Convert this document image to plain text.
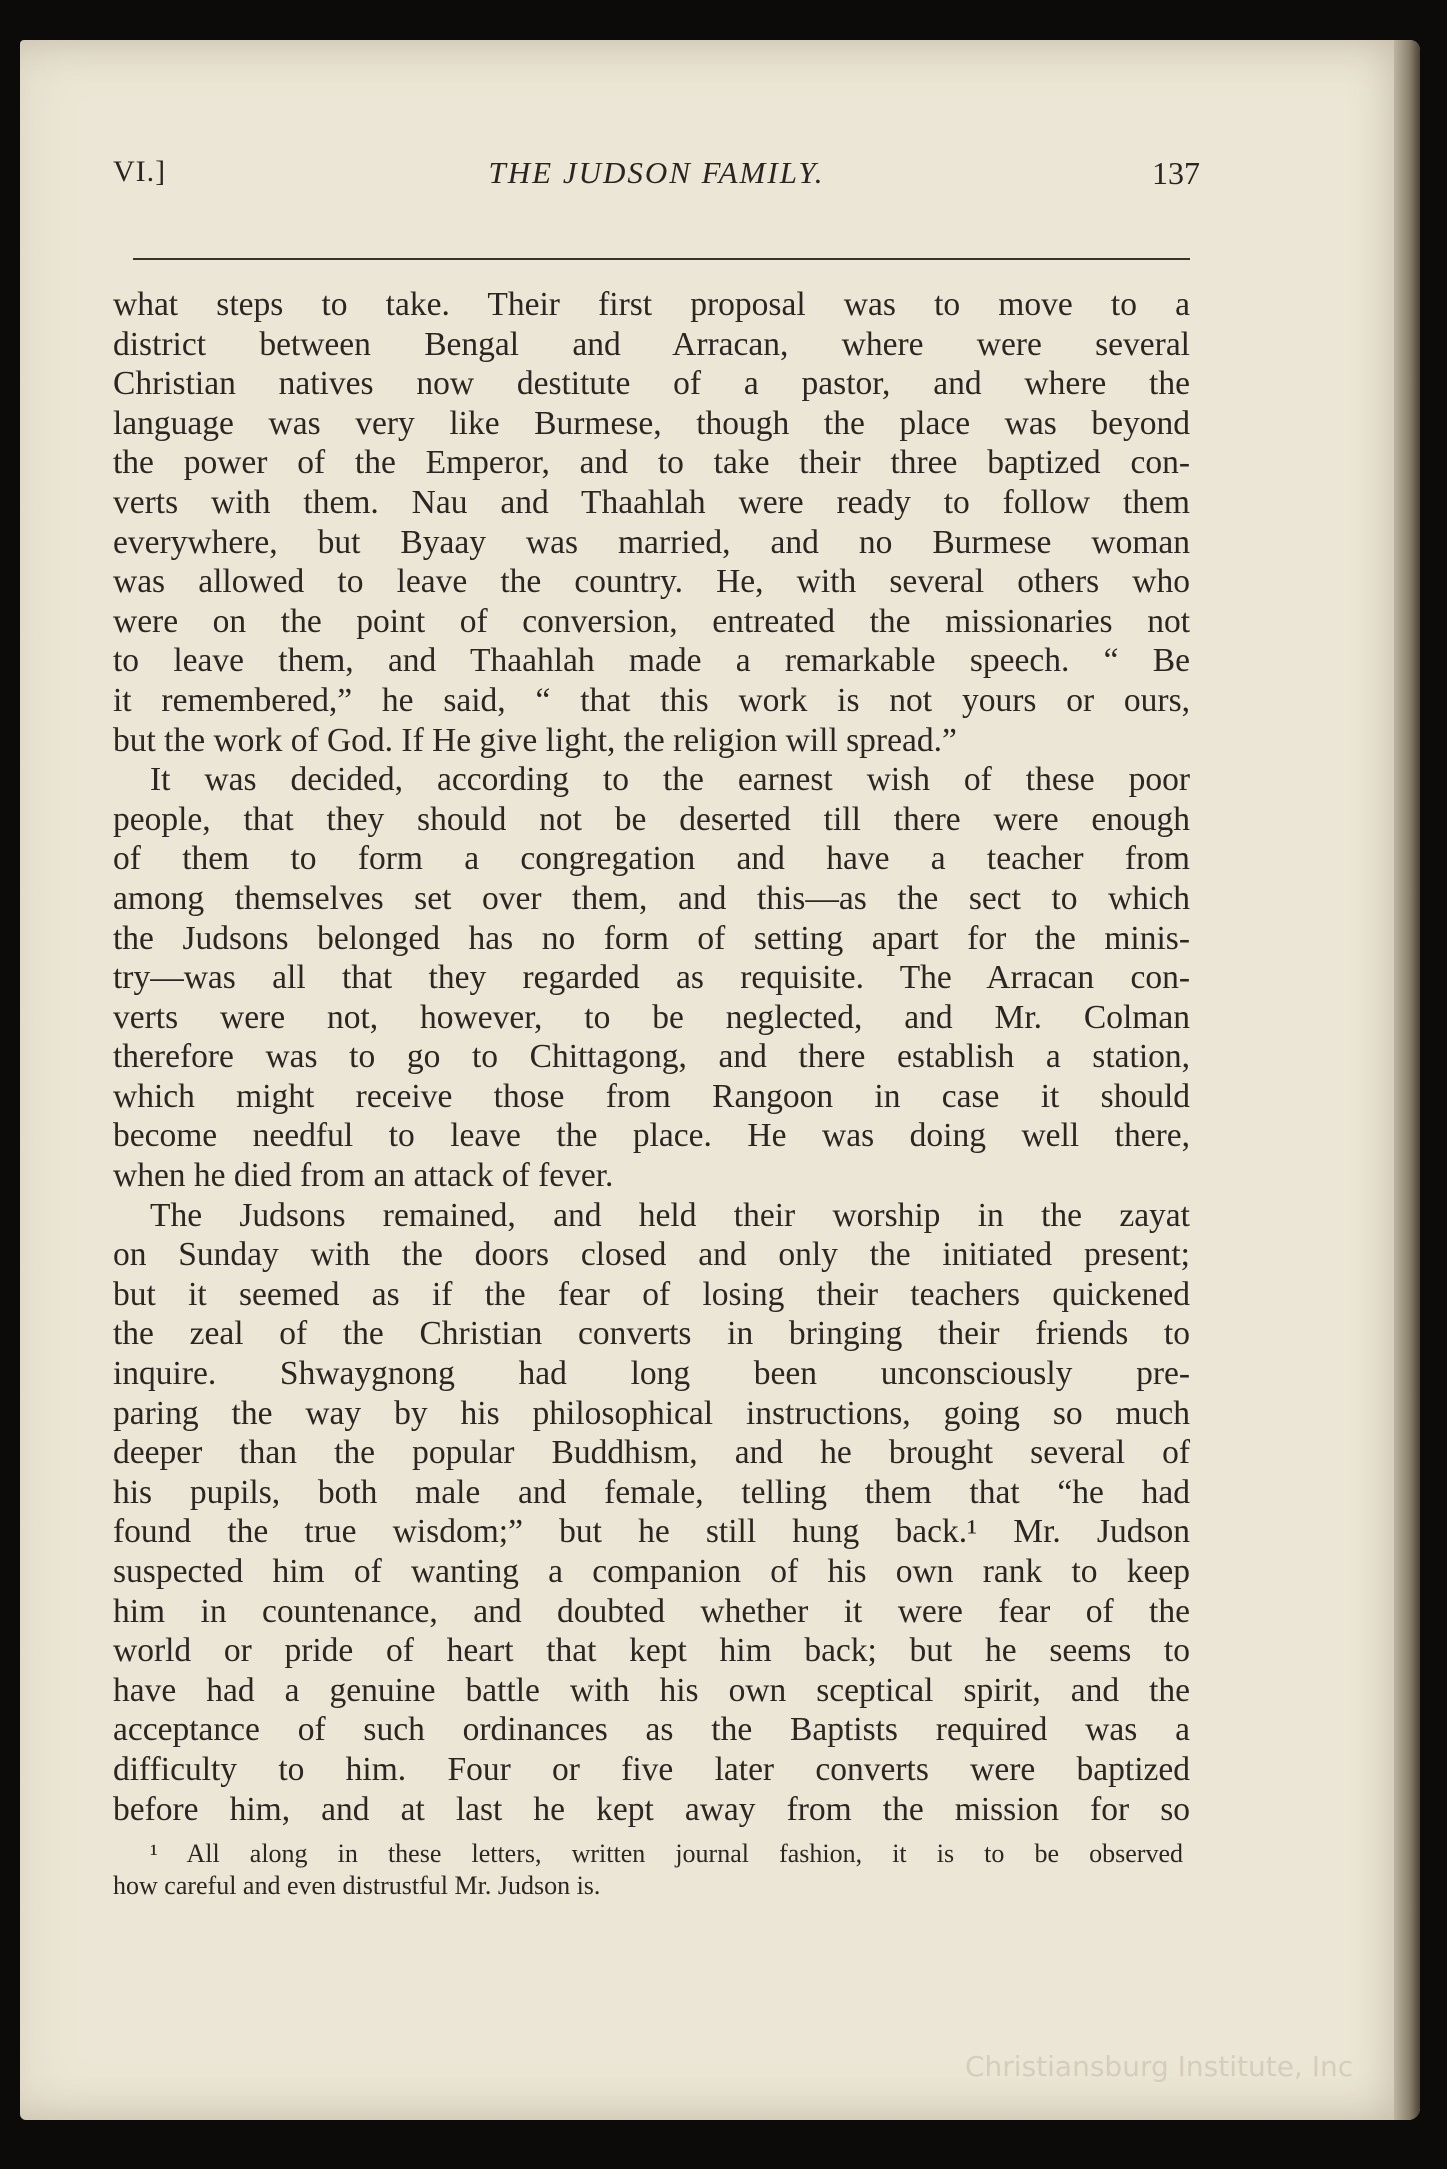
VI.]	THE JUDSON FAMILY.	137
what steps to take. Their first proposal was to move to a
district between Bengal and Arracan, where were several
Christian natives now destitute of a pastor, and where the
language was very like Burmese, though the place was beyond
the power of the Emperor, and to take their three baptized con-
verts with them. Nau and Thaahlah were ready to follow them
everywhere, but Byaay was married, and no Burmese woman
was allowed to leave the country. He, with several others who
were on the point of conversion, entreated the missionaries not
to leave them, and Thaahlah made a remarkable speech. “ Be
it remembered,” he said, “ that this work is not yours or ours,
but the work of God. If He give light, the religion will spread.”
It was decided, according to the earnest wish of these poor
people, that they should not be deserted till there were enough
of them to form a congregation and have a teacher from
among themselves set over them, and this—as the sect to which
the Judsons belonged has no form of setting apart for the minis-
try—was all that they regarded as requisite. The Arracan con-
verts were not, however, to be neglected, and Mr. Colman
therefore was to go to Chittagong, and there establish a station,
which might receive those from Rangoon in case it should
become needful to leave the place. He was doing well there,
when he died from an attack of fever.
The Judsons remained, and held their worship in the zayat
on Sunday with the doors closed and only the initiated present;
but it seemed as if the fear of losing their teachers quickened
the zeal of the Christian converts in bringing their friends to
inquire. Shwaygnong had long been unconsciously pre-
paring the way by his philosophical instructions, going so much
deeper than the popular Buddhism, and he brought several of
his pupils, both male and female, telling them that “he had
found the true wisdom;” but he still hung back.¹ Mr. Judson
suspected him of wanting a companion of his own rank to keep
him in countenance, and doubted whether it were fear of the
world or pride of heart that kept him back; but he seems to
have had a genuine battle with his own sceptical spirit, and the
acceptance of such ordinances as the Baptists required was a
difficulty to him. Four or five later converts were baptized
before him, and at last he kept away from the mission for so
¹ All along in these letters, written journal fashion, it is to be observed
how careful and even distrustful Mr. Judson is.
Christiansburg Institute, Inc
